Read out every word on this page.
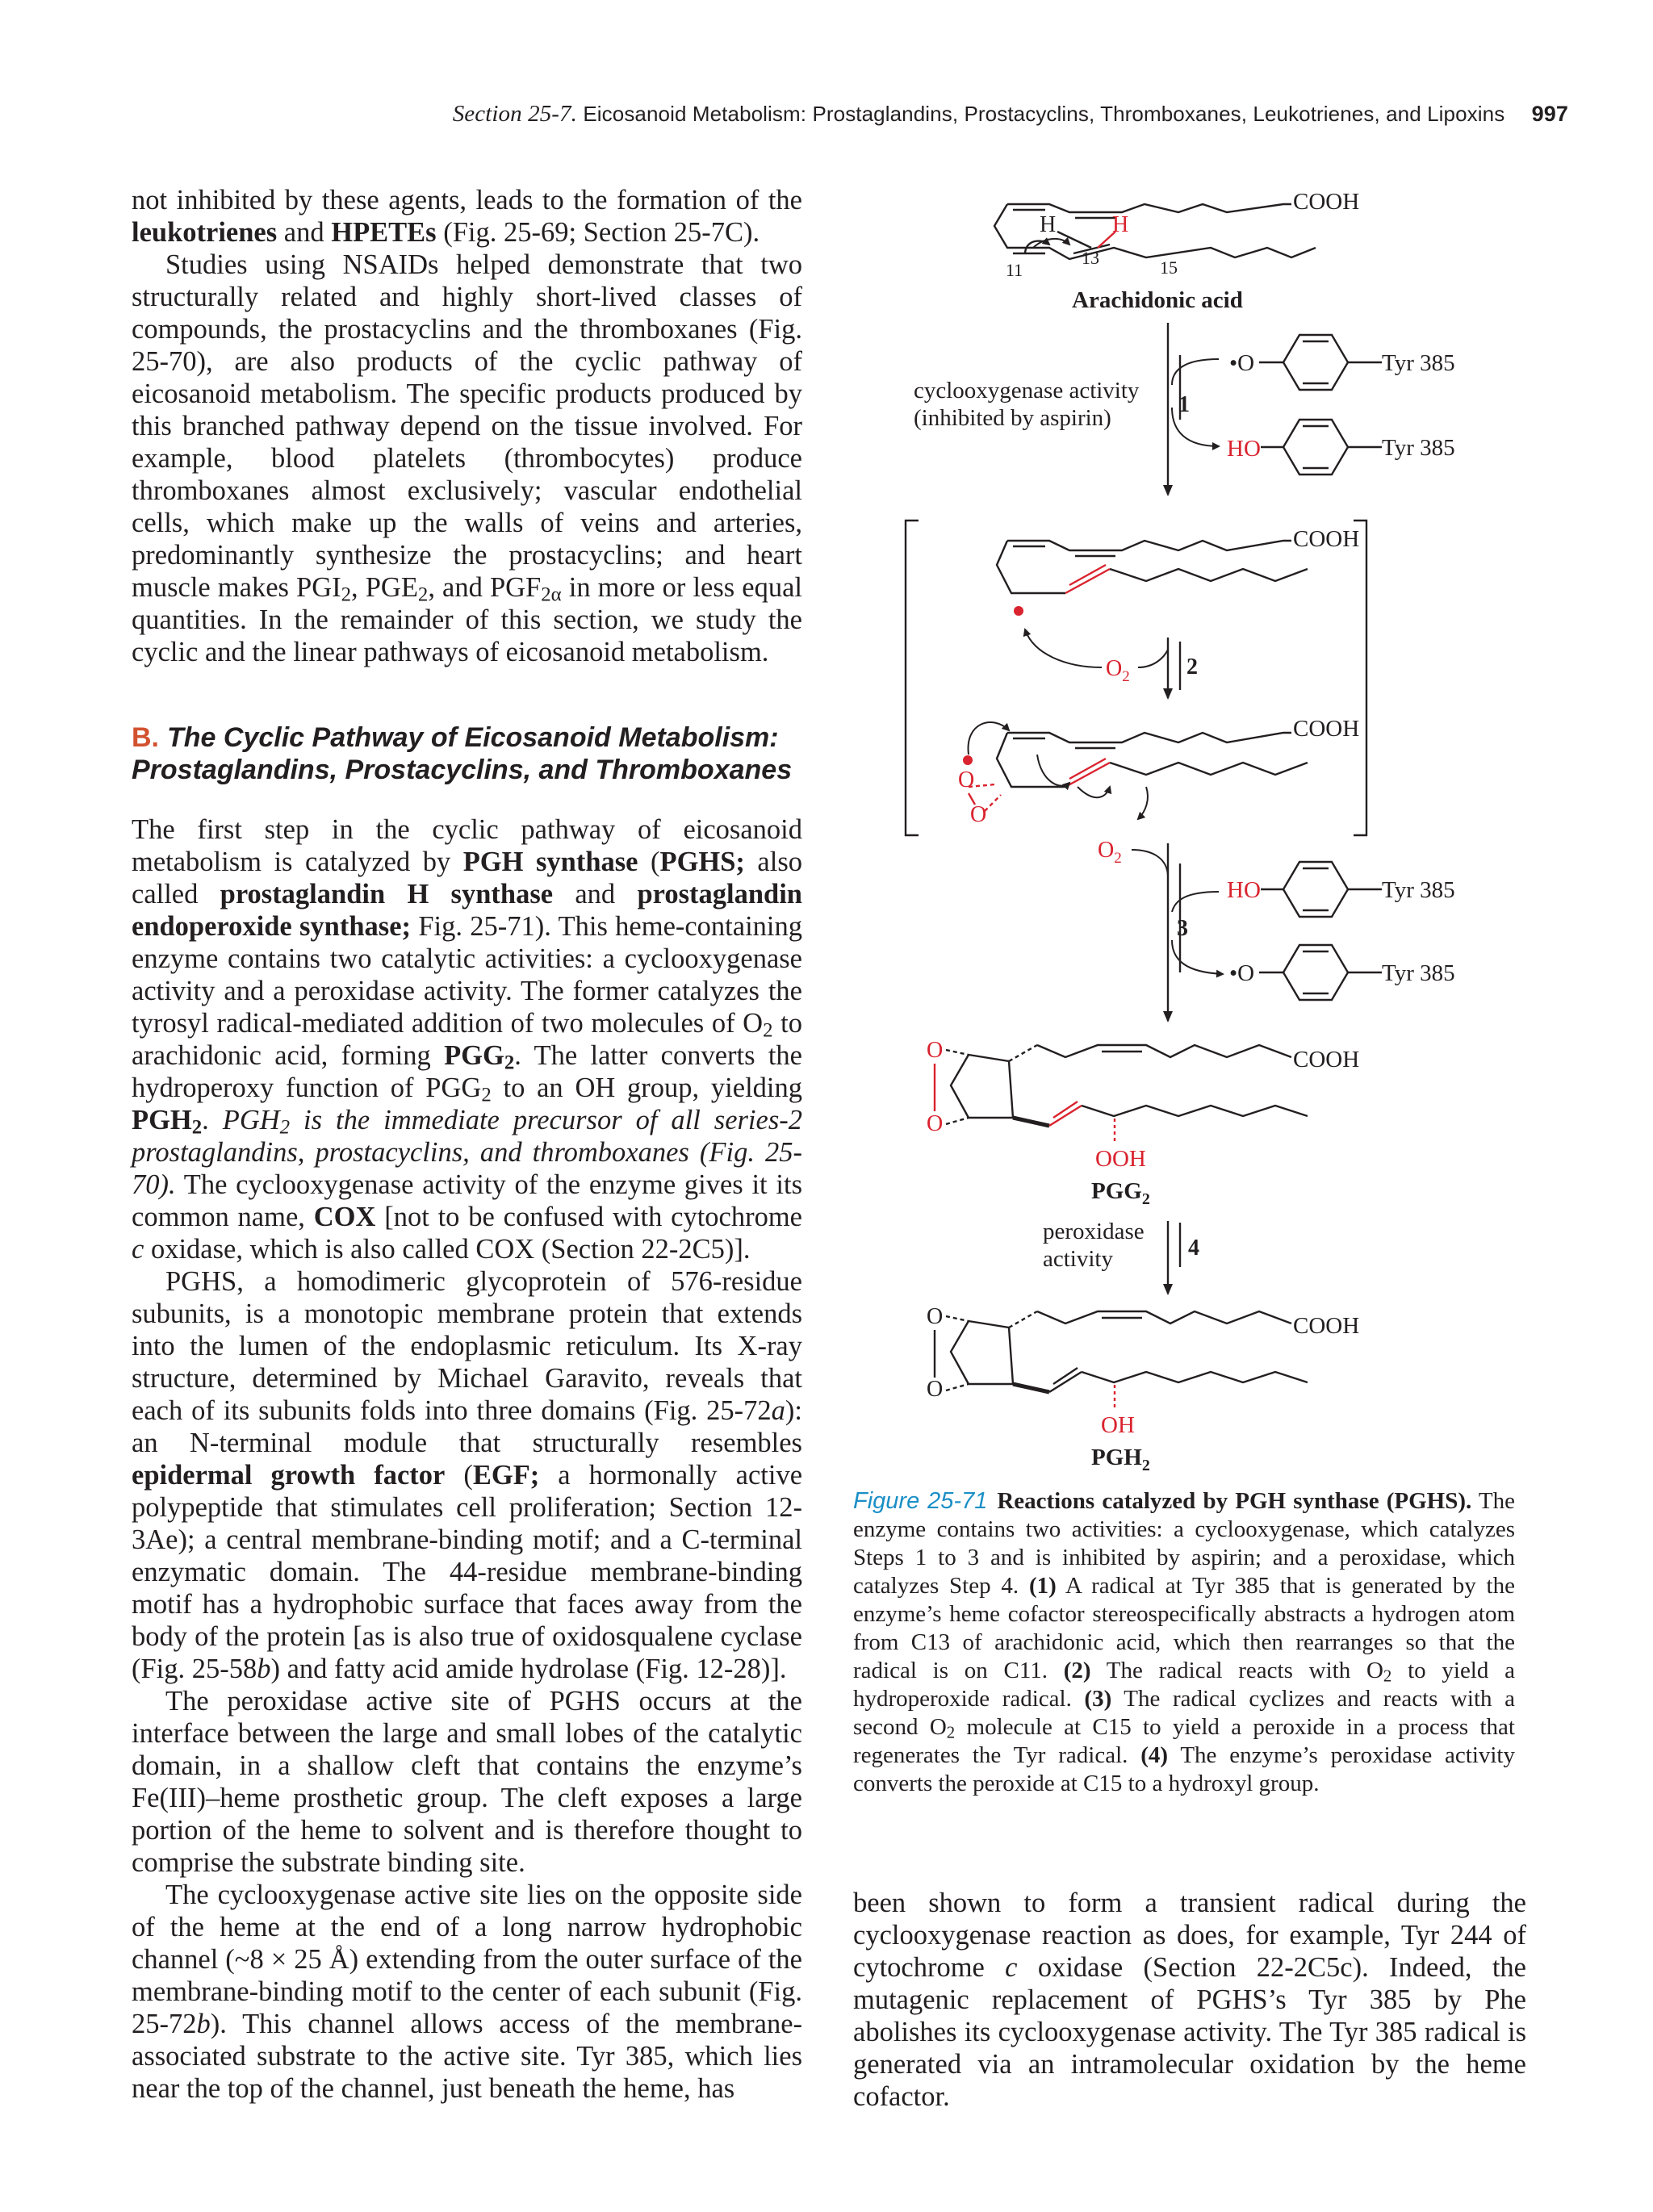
Section 25-7. Eicosanoid Metabolism: Prostaglandins, Prostacyclins, Thromboxanes, Leukotrienes, and Lipoxins 997

not inhibited by these agents, leads to the formation of the leukotrienes and HPETEs (Fig. 25-69; Section 25-7C).

Studies using NSAIDs helped demonstrate that two structurally related and highly short-lived classes of compounds, the prostacyclins and the thromboxanes (Fig. 25-70), are also products of the cyclic pathway of eicosanoid metabolism. The specific products produced by this branched pathway depend on the tissue involved. For example, blood platelets (thrombocytes) produce thromboxanes almost exclusively; vascular endothelial cells, which make up the walls of veins and arteries, predominantly synthesize the prostacyclins; and heart muscle makes $PGI_2$, $PGE_2$, and $PGF_{2\alpha}$ in more or less equal quantities. In the remainder of this section, we study the cyclic and the linear pathways of eicosanoid metabolism.

B. The Cyclic Pathway of Eicosanoid Metabolism: Prostaglandins, Prostacyclins, and Thromboxanes

The first step in the cyclic pathway of eicosanoid metabolism is catalyzed by PGH synthase (PGHS; also called prostaglandin H synthase and prostaglandin endoperoxide synthase; Fig. 25-71). This heme-containing enzyme contains two catalytic activities: a cyclooxygenase activity and a peroxidase activity. The former catalyzes the tyrosyl radical-mediated addition of two molecules of $O_2$ to arachidonic acid, forming $PGG_2$. The latter converts the hydroperoxy function of $PGG_2$ to an OH group, yielding $PGH_2$. $PGH_2$ is the immediate precursor of all series-2 prostaglandins, prostacyclins, and thromboxanes (Fig. 25-70). The cyclooxygenase activity of the enzyme gives it its common name, COX [not to be confused with cytochrome c oxidase, which is also called COX (Section 22-2C5)].

PGHS, a homodimeric glycoprotein of 576-residue subunits, is a monotopic membrane protein that extends into the lumen of the endoplasmic reticulum. Its X-ray structure, determined by Michael Garavito, reveals that each of its subunits folds into three domains (Fig. 25-72a): an N-terminal module that structurally resembles epidermal growth factor (EGF; a hormonally active polypeptide that stimulates cell proliferation; Section 12-3Ae); a central membrane-binding motif; and a C-terminal enzymatic domain. The 44-residue membrane-binding motif has a hydrophobic surface that faces away from the body of the protein [as is also true of oxidosqualene cyclase (Fig. 25-58b) and fatty acid amide hydrolase (Fig. 12-28)].

The peroxidase active site of PGHS occurs at the interface between the large and small lobes of the catalytic domain, in a shallow cleft that contains the enzyme’s Fe(III)–heme prosthetic group. The cleft exposes a large portion of the heme to solvent and is therefore thought to comprise the substrate binding site.

The cyclooxygenase active site lies on the opposite side of the heme at the end of a long narrow hydrophobic channel (~8 × 25 Å) extending from the outer surface of the membrane-binding motif to the center of each subunit (Fig. 25-72b). This channel allows access of the membrane-associated substrate to the active site. Tyr 385, which lies near the top of the channel, just beneath the heme, has

COOH
H H
11
13	15
Arachidonic acid
1
cyclooxygenase activity
(inhibited by aspirin)
•O	Tyr 385
HO	Tyr 385
COOH
2
$O_2$
O
O
COOH
3
$O_2$
HO	Tyr 385
•O	Tyr 385
O
O
COOH
OOH
$PGG_2$
4
peroxidase
activity
O
O
COOH
OH
$PGH_2$
Figure 25-71 Reactions catalyzed by PGH synthase (PGHS). The enzyme contains two activities: a cyclooxygenase, which catalyzes Steps 1 to 3 and is inhibited by aspirin; and a peroxidase, which catalyzes Step 4. (1) A radical at Tyr 385 that is generated by the enzyme’s heme cofactor stereospecifically abstracts a hydrogen atom from C13 of arachidonic acid, which then rearranges so that the radical is on C11. (2) The radical reacts with $O_2$ to yield a hydroperoxide radical. (3) The radical cyclizes and reacts with a second $O_2$ molecule at C15 to yield a peroxide in a process that regenerates the Tyr radical. (4) The enzyme’s peroxidase activity converts the peroxide at C15 to a hydroxyl group.

been shown to form a transient radical during the cyclooxygenase reaction as does, for example, Tyr 244 of cytochrome c oxidase (Section 22-2C5c). Indeed, the mutagenic replacement of PGHS’s Tyr 385 by Phe abolishes its cyclooxygenase activity. The Tyr 385 radical is generated via an intramolecular oxidation by the heme cofactor.
